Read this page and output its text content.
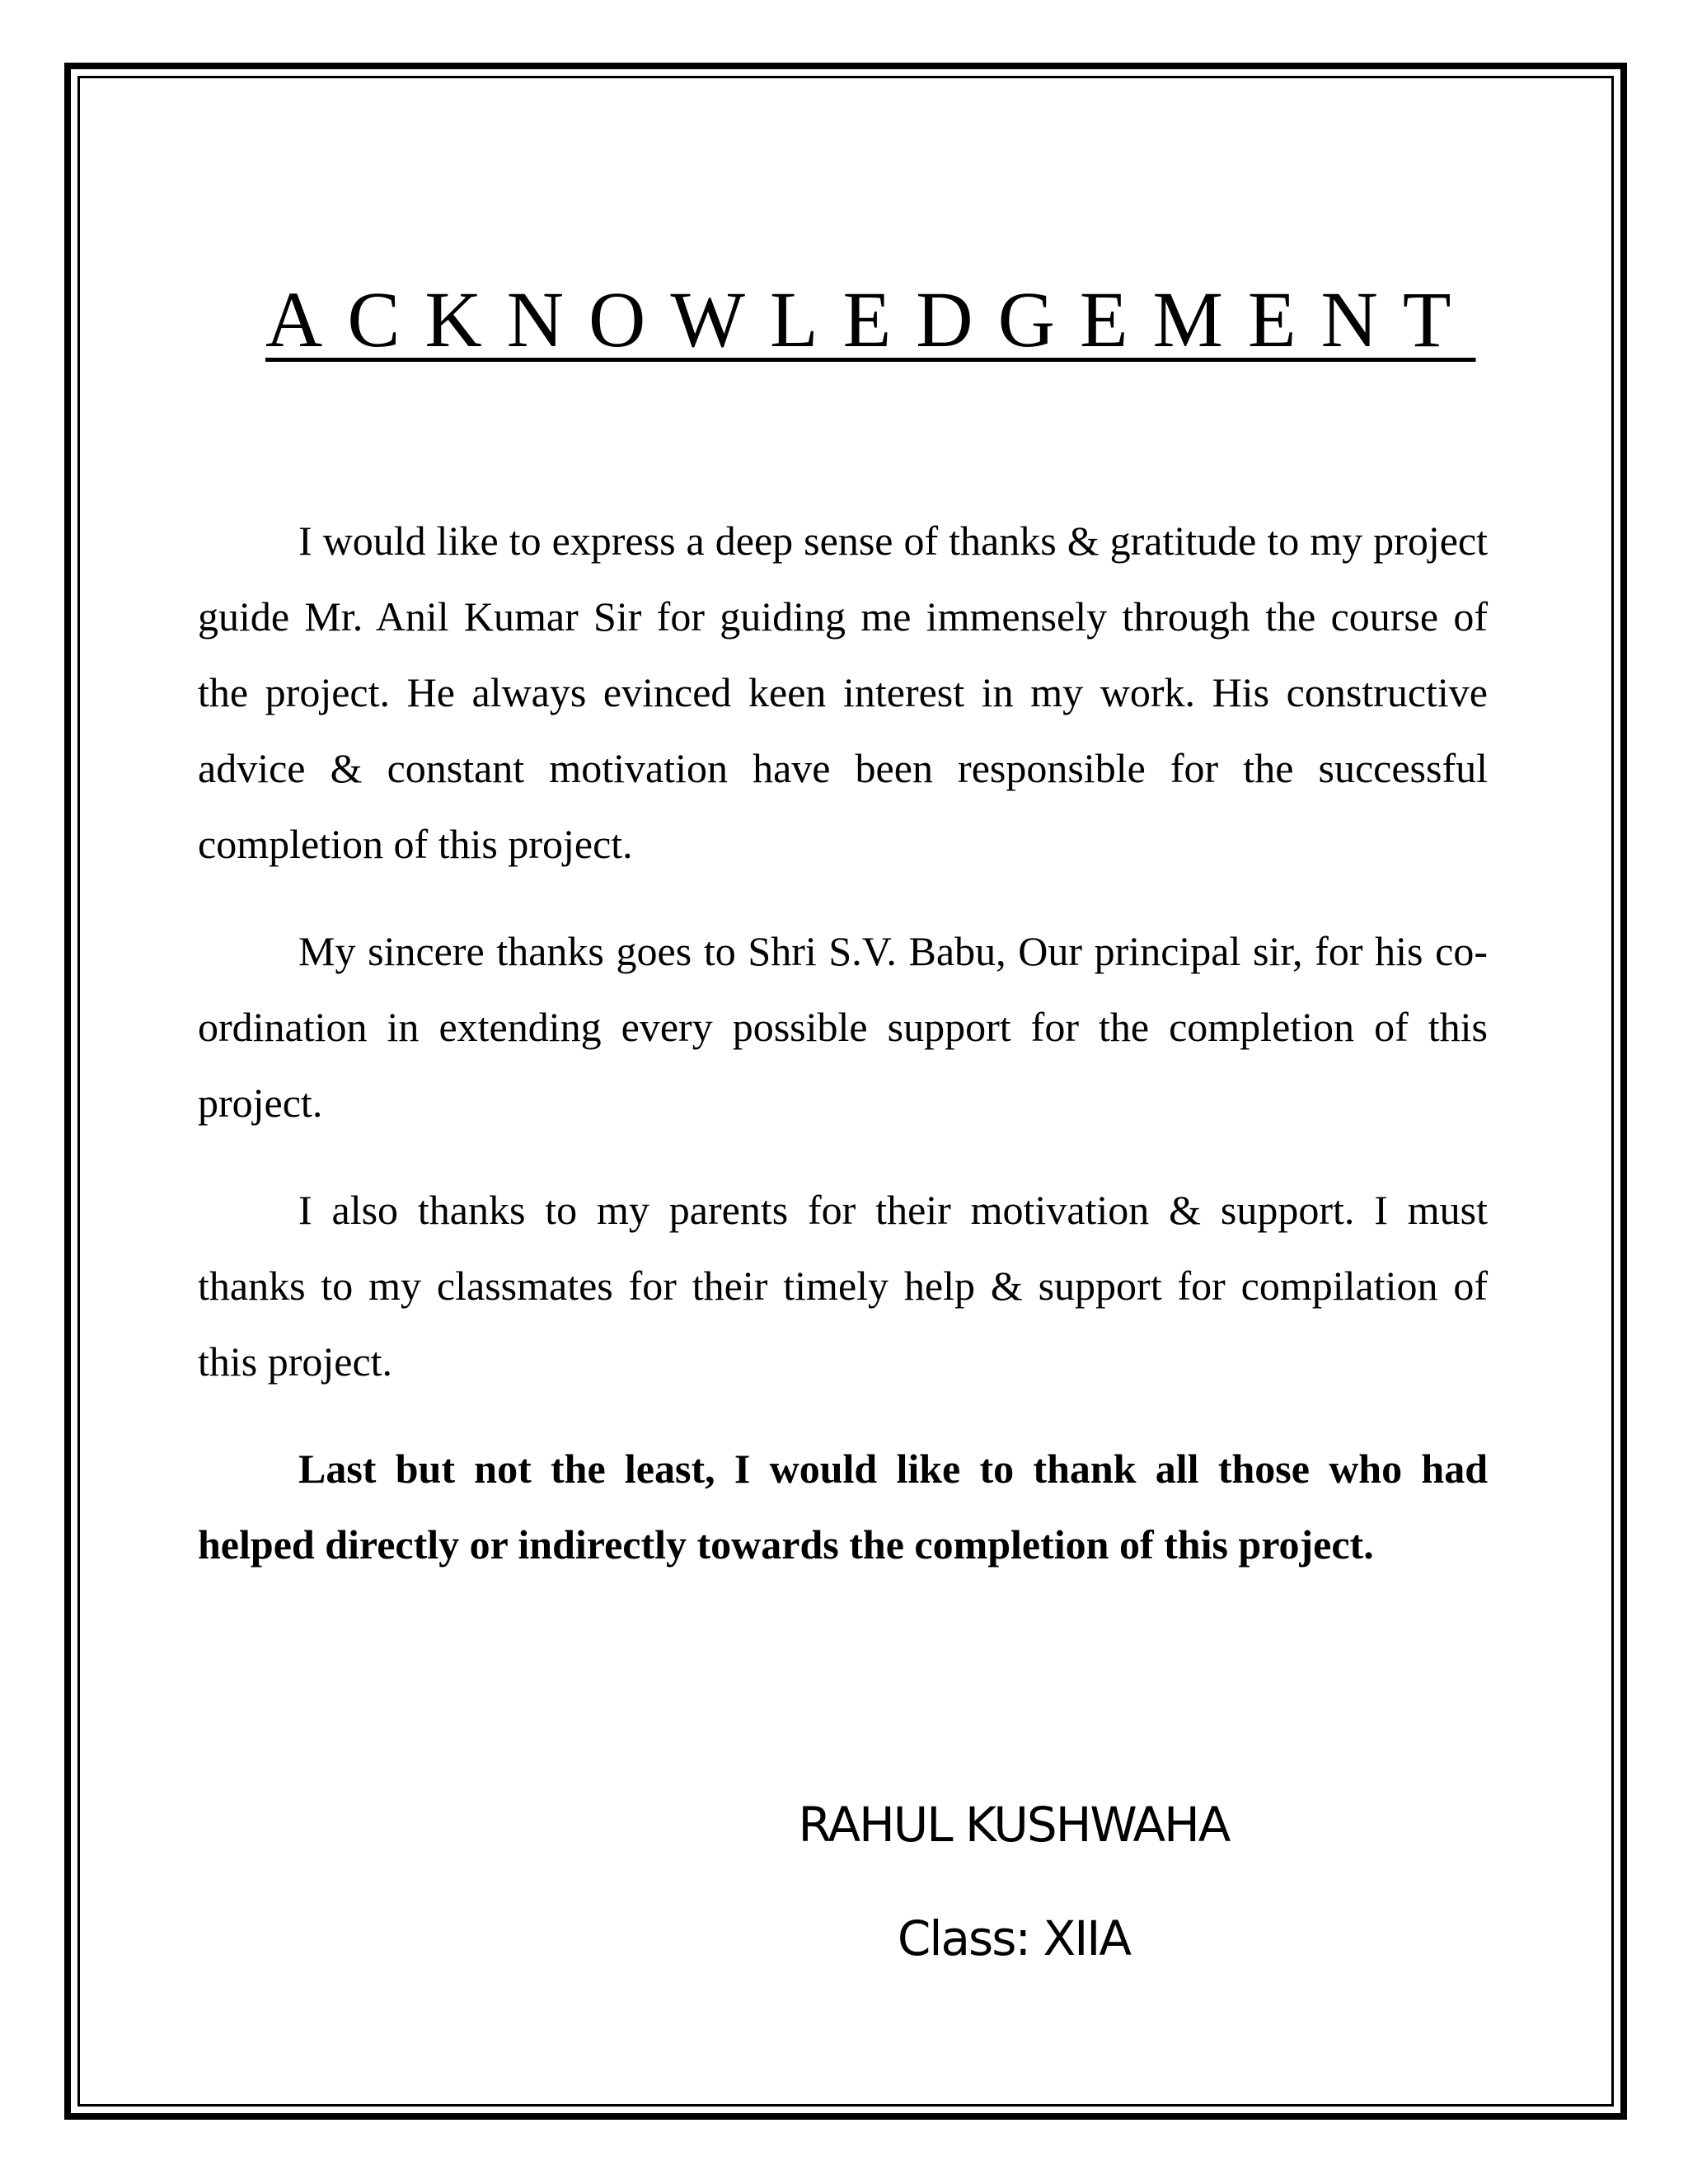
ACKNOWLEDGEMENT

I would like to express a deep sense of thanks & gratitude to my project guide Mr. Anil Kumar Sir for guiding me immensely through the course of the project. He always evinced keen interest in my work. His constructive advice & constant motivation have been responsible for the successful completion of this project.

My sincere thanks goes to Shri S.V. Babu, Our principal sir, for his co-ordination in extending every possible support for the completion of this project.

I also thanks to my parents for their motivation & support. I must thanks to my classmates for their timely help & support for compilation of this project.

Last but not the least, I would like to thank all those who had helped directly or indirectly towards the completion of this project.

RAHUL KUSHWAHA
Class: XIIA
